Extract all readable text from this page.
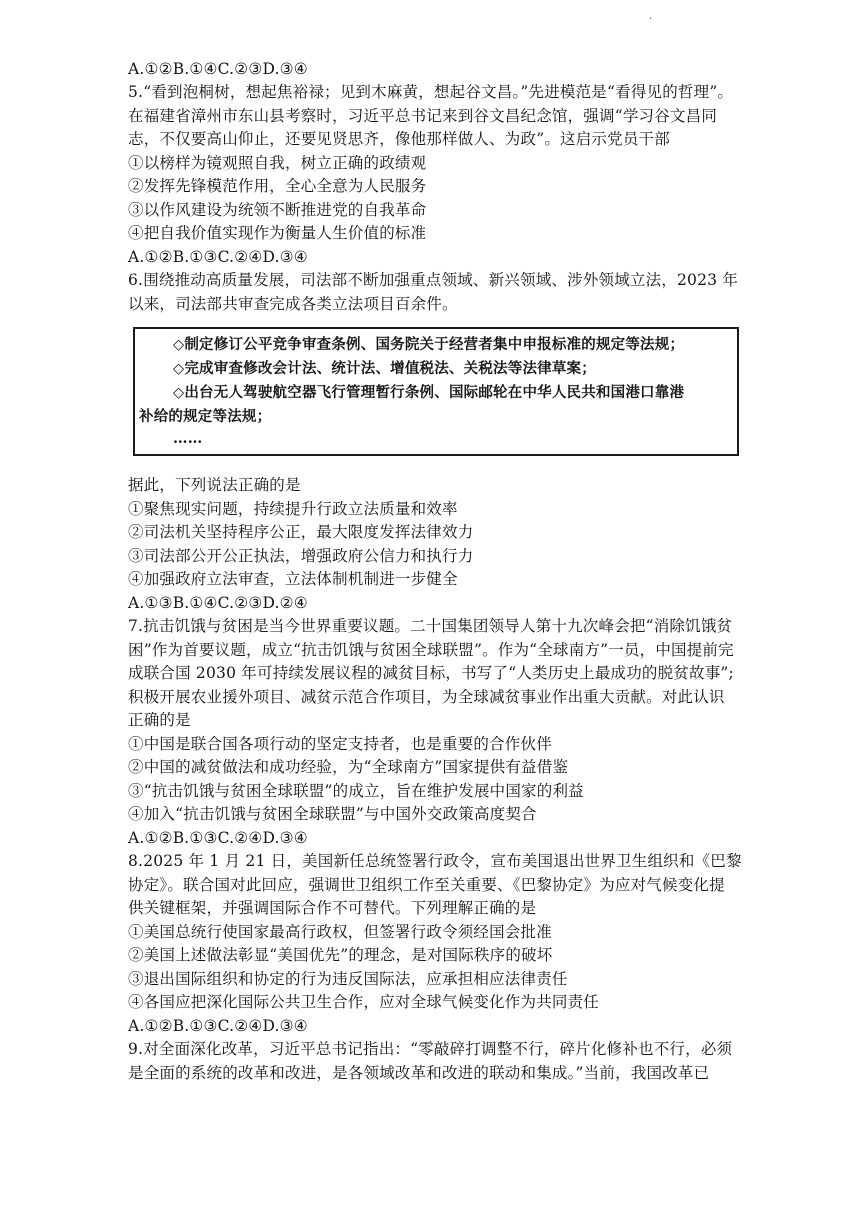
·
A.①②B.①④C.②③D.③④
5.“看到泡桐树，想起焦裕禄；见到木麻黄，想起谷文昌。”先进模范是“看得见的哲理”。
在福建省漳州市东山县考察时，习近平总书记来到谷文昌纪念馆，强调“学习谷文昌同
志，不仅要高山仰止，还要见贤思齐，像他那样做人、为政”。这启示党员干部
①以榜样为镜观照自我，树立正确的政绩观
②发挥先锋模范作用，全心全意为人民服务
③以作风建设为统领不断推进党的自我革命
④把自我价值实现作为衡量人生价值的标准
A.①②B.①③C.②④D.③④
6.围绕推动高质量发展，司法部不断加强重点领域、新兴领域、涉外领域立法，2023 年
以来，司法部共审查完成各类立法项目百余件。
◇制定修订公平竞争审查条例、国务院关于经营者集中申报标准的规定等法规；
◇完成审查修改会计法、统计法、增值税法、关税法等法律草案；
◇出台无人驾驶航空器飞行管理暂行条例、国际邮轮在中华人民共和国港口靠港
补给的规定等法规；
……
据此，下列说法正确的是
①聚焦现实问题，持续提升行政立法质量和效率
②司法机关坚持程序公正，最大限度发挥法律效力
③司法部公开公正执法，增强政府公信力和执行力
④加强政府立法审查，立法体制机制进一步健全
A.①③B.①④C.②③D.②④
7.抗击饥饿与贫困是当今世界重要议题。二十国集团领导人第十九次峰会把“消除饥饿贫
困”作为首要议题，成立“抗击饥饿与贫困全球联盟”。作为“全球南方”一员，中国提前完
成联合国 2030 年可持续发展议程的减贫目标，书写了“人类历史上最成功的脱贫故事”;
积极开展农业援外项目、减贫示范合作项目，为全球减贫事业作出重大贡献。对此认识
正确的是
①中国是联合国各项行动的坚定支持者，也是重要的合作伙伴
②中国的减贫做法和成功经验，为“全球南方”国家提供有益借鉴
③“抗击饥饿与贫困全球联盟”的成立，旨在维护发展中国家的利益
④加入“抗击饥饿与贫困全球联盟”与中国外交政策高度契合
A.①②B.①③C.②④D.③④
8.2025 年 1 月 21 日，美国新任总统签署行政令，宣布美国退出世界卫生组织和《巴黎
协定》。联合国对此回应，强调世卫组织工作至关重要、《巴黎协定》为应对气候变化提
供关键框架，并强调国际合作不可替代。下列理解正确的是
①美国总统行使国家最高行政权，但签署行政令须经国会批准
②美国上述做法彰显“美国优先”的理念，是对国际秩序的破坏
③退出国际组织和协定的行为违反国际法，应承担相应法律责任
④各国应把深化国际公共卫生合作，应对全球气候变化作为共同责任
A.①②B.①③C.②④D.③④
9.对全面深化改革，习近平总书记指出：“零敲碎打调整不行，碎片化修补也不行，必须
是全面的系统的改革和改进，是各领域改革和改进的联动和集成。”当前，我国改革已
